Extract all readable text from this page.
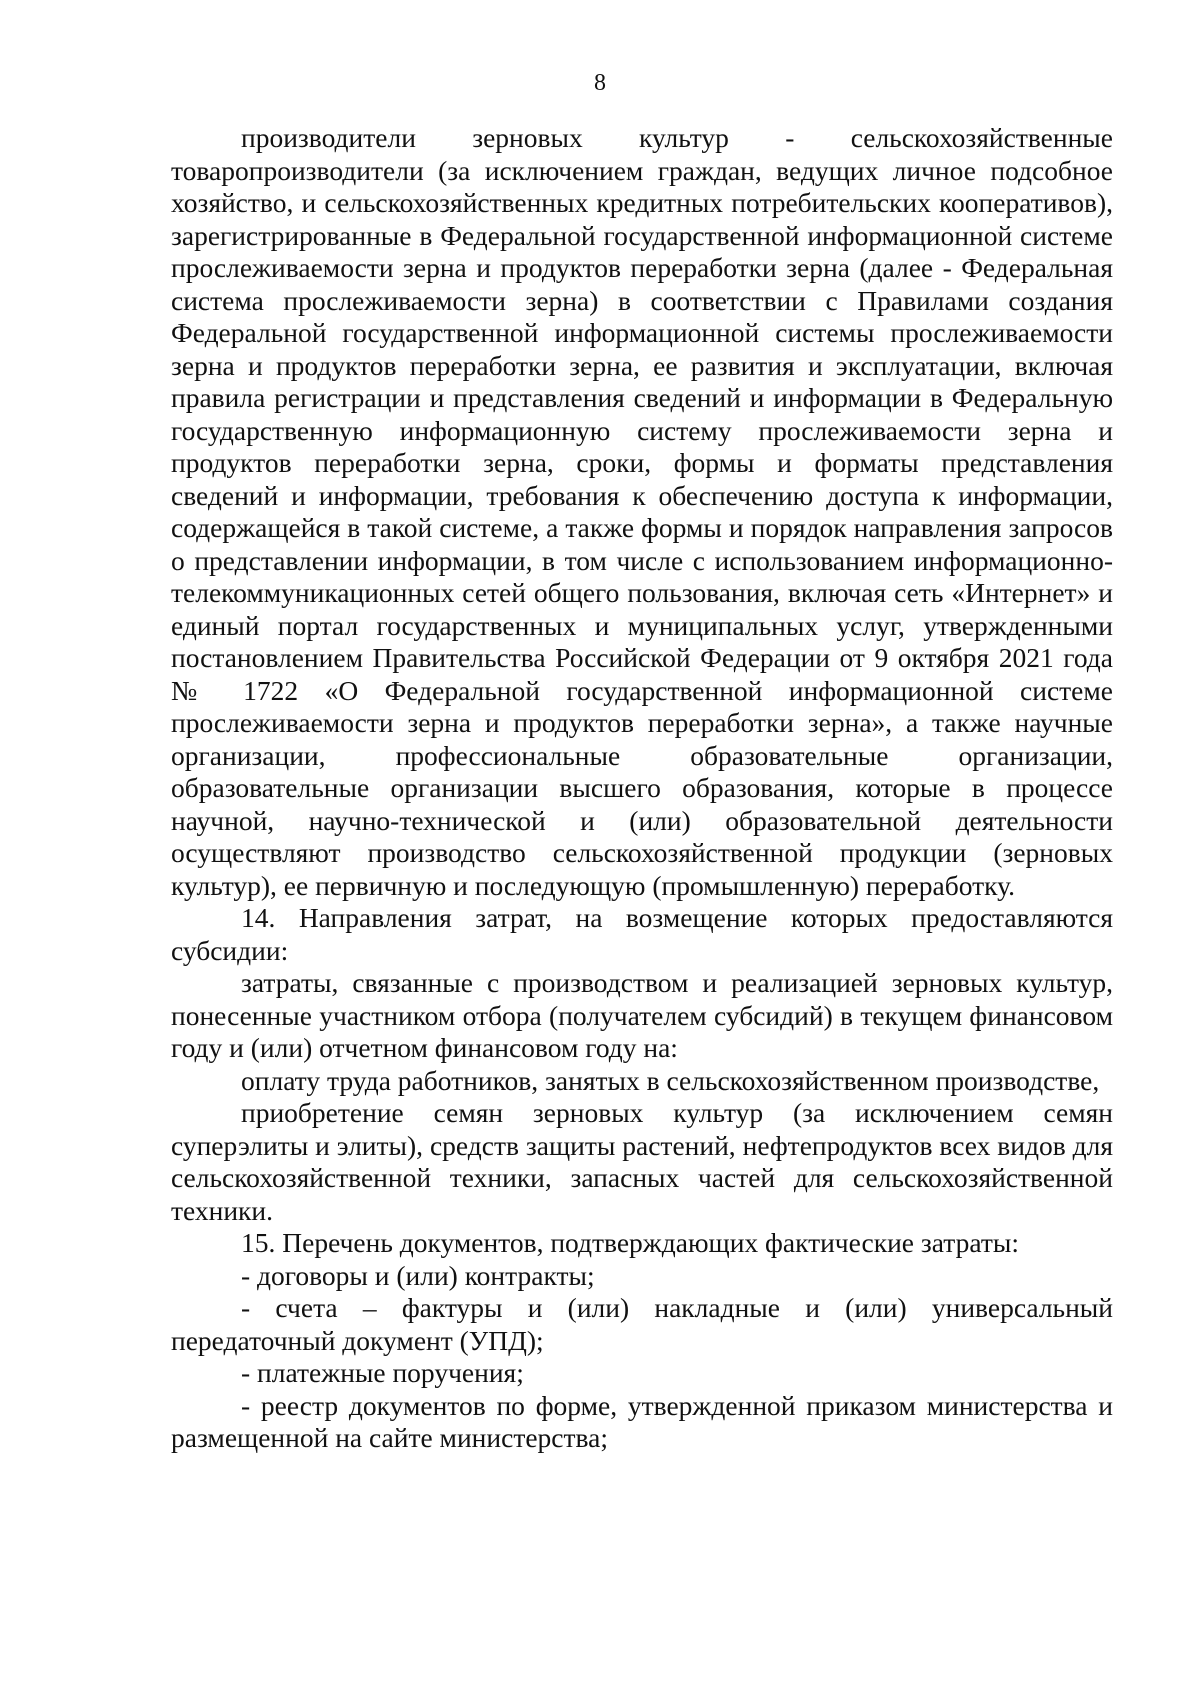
8

производители зерновых культур - сельскохозяйственные товаропроизводители (за исключением граждан, ведущих личное подсобное хозяйство, и сельскохозяйственных кредитных потребительских кооперативов), зарегистрированные в Федеральной государственной информационной системе прослеживаемости зерна и продуктов переработки зерна (далее - Федеральная система прослеживаемости зерна) в соответствии с Правилами создания Федеральной государственной информационной системы прослеживаемости зерна и продуктов переработки зерна, ее развития и эксплуатации, включая правила регистрации и представления сведений и информации в Федеральную государственную информационную систему прослеживаемости зерна и продуктов переработки зерна, сроки, формы и форматы представления сведений и информации, требования к обеспечению доступа к информации, содержащейся в такой системе, а также формы и порядок направления запросов о представлении информации, в том числе с использованием информационно-телекоммуникационных сетей общего пользования, включая сеть «Интернет» и единый портал государственных и муниципальных услуг, утвержденными постановлением Правительства Российской Федерации от 9 октября 2021 года № 1722 «О Федеральной государственной информационной системе прослеживаемости зерна и продуктов переработки зерна», а также научные организации, профессиональные образовательные организации, образовательные организации высшего образования, которые в процессе научной, научно-технической и (или) образовательной деятельности осуществляют производство сельскохозяйственной продукции (зерновых культур), ее первичную и последующую (промышленную) переработку.

14. Направления затрат, на возмещение которых предоставляются субсидии:

затраты, связанные с производством и реализацией зерновых культур, понесенные участником отбора (получателем субсидий) в текущем финансовом году и (или) отчетном финансовом году на:

оплату труда работников, занятых в сельскохозяйственном производстве,

приобретение семян зерновых культур (за исключением семян суперэлиты и элиты), средств защиты растений, нефтепродуктов всех видов для сельскохозяйственной техники, запасных частей для сельскохозяйственной техники.

15. Перечень документов, подтверждающих фактические затраты:

- договоры и (или) контракты;

- счета – фактуры и (или) накладные и (или) универсальный передаточный документ (УПД);

- платежные поручения;

- реестр документов по форме, утвержденной приказом министерства и размещенной на сайте министерства;
